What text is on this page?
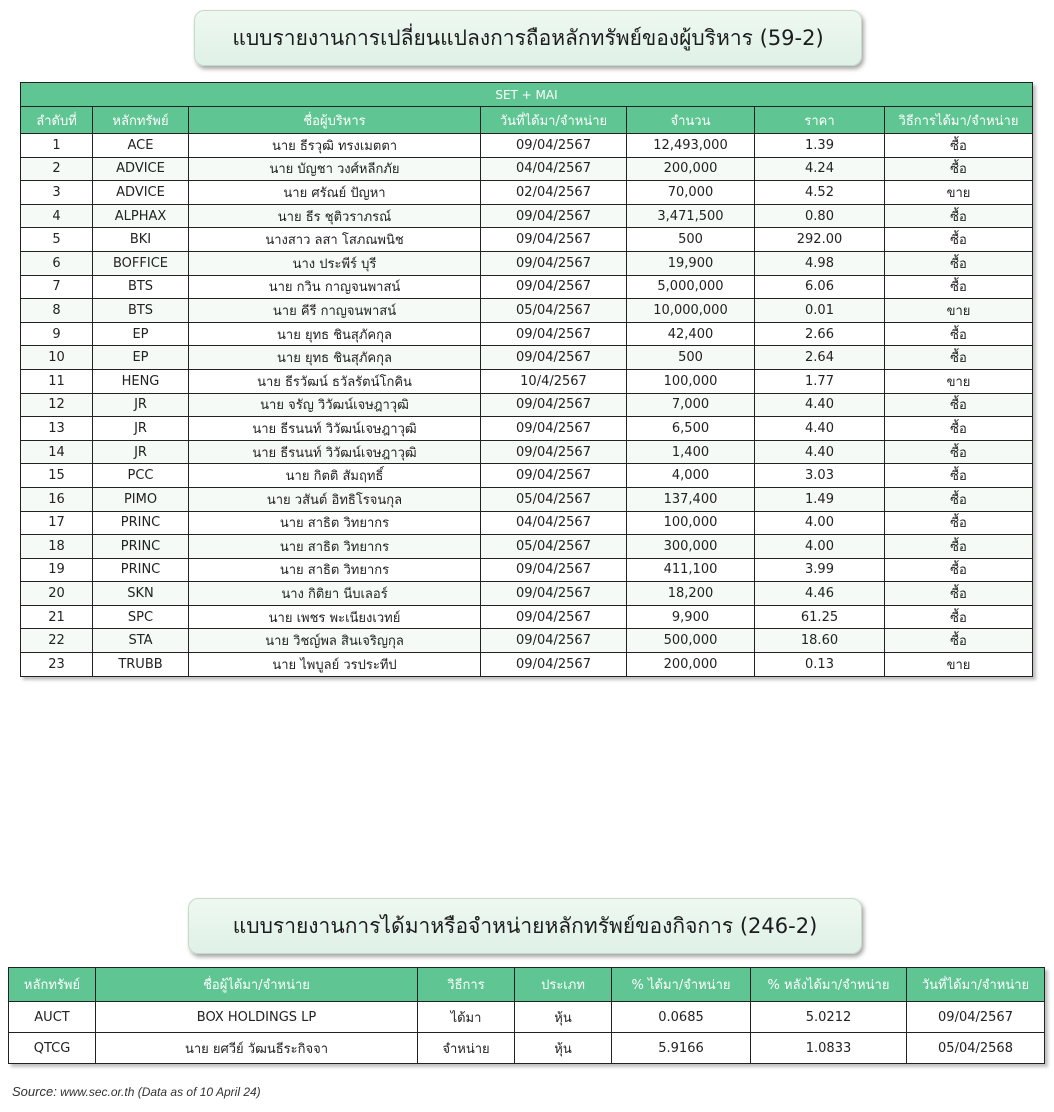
แบบรายงานการเปลี่ยนแปลงการถือหลักทรัพย์ของผู้บริหาร (59-2)
SET + MAI						
ลำดับที่	หลักทรัพย์	ชื่อผู้บริหาร	วันที่ได้มา/จำหน่าย	จำนวน	ราคา	วิธีการได้มา/จำหน่าย
1	ACE	นาย ธีรวุฒิ ทรงเมตตา	09/04/2567	12,493,000	1.39	ซื้อ
2	ADVICE	นาย บัญชา วงศ์หลีกภัย	04/04/2567	200,000	4.24	ซื้อ
3	ADVICE	นาย ศรัณย์ ปัญหา	02/04/2567	70,000	4.52	ขาย
4	ALPHAX	นาย ธีร ชุติวราภรณ์	09/04/2567	3,471,500	0.80	ซื้อ
5	BKI	นางสาว ลสา โสภณพนิช	09/04/2567	500	292.00	ซื้อ
6	BOFFICE	นาง ประพีร์ บุรี	09/04/2567	19,900	4.98	ซื้อ
7	BTS	นาย กวิน กาญจนพาสน์	09/04/2567	5,000,000	6.06	ซื้อ
8	BTS	นาย คีรี กาญจนพาสน์	05/04/2567	10,000,000	0.01	ขาย
9	EP	นาย ยุทธ ชินสุภัคกุล	09/04/2567	42,400	2.66	ซื้อ
10	EP	นาย ยุทธ ชินสุภัคกุล	09/04/2567	500	2.64	ซื้อ
11	HENG	นาย ธีรวัฒน์ ธวัลรัตน์โกคิน	10/4/2567	100,000	1.77	ขาย
12	JR	นาย จรัญ วิวัฒน์เจษฎาวุฒิ	09/04/2567	7,000	4.40	ซื้อ
13	JR	นาย ธีรนนท์ วิวัฒน์เจษฎาวุฒิ	09/04/2567	6,500	4.40	ซื้อ
14	JR	นาย ธีรนนท์ วิวัฒน์เจษฎาวุฒิ	09/04/2567	1,400	4.40	ซื้อ
15	PCC	นาย กิตติ สัมฤทธิ์	09/04/2567	4,000	3.03	ซื้อ
16	PIMO	นาย วสันต์ อิทธิโรจนกุล	05/04/2567	137,400	1.49	ซื้อ
17	PRINC	นาย สาธิต วิทยากร	04/04/2567	100,000	4.00	ซื้อ
18	PRINC	นาย สาธิต วิทยากร	05/04/2567	300,000	4.00	ซื้อ
19	PRINC	นาย สาธิต วิทยากร	09/04/2567	411,100	3.99	ซื้อ
20	SKN	นาง กิติยา นีบเลอร์	09/04/2567	18,200	4.46	ซื้อ
21	SPC	นาย เพชร พะเนียงเวทย์	09/04/2567	9,900	61.25	ซื้อ
22	STA	นาย วิชญ์พล สินเจริญกุล	09/04/2567	500,000	18.60	ซื้อ
23	TRUBB	นาย ไพบูลย์ วรประทีป	09/04/2567	200,000	0.13	ขาย
แบบรายงานการได้มาหรือจำหน่ายหลักทรัพย์ของกิจการ (246-2)
หลักทรัพย์	ชื่อผู้ได้มา/จำหน่าย	วิธีการ	ประเภท	% ได้มา/จำหน่าย	% หลังได้มา/จำหน่าย	วันที่ได้มา/จำหน่าย
AUCT	BOX HOLDINGS LP	ได้มา	หุ้น	0.0685	5.0212	09/04/2567
QTCG	นาย ยศวีย์ วัฒนธีระกิจจา	จำหน่าย	หุ้น	5.9166	1.0833	05/04/2568
Source: www.sec.or.th (Data as of 10 April 24)
